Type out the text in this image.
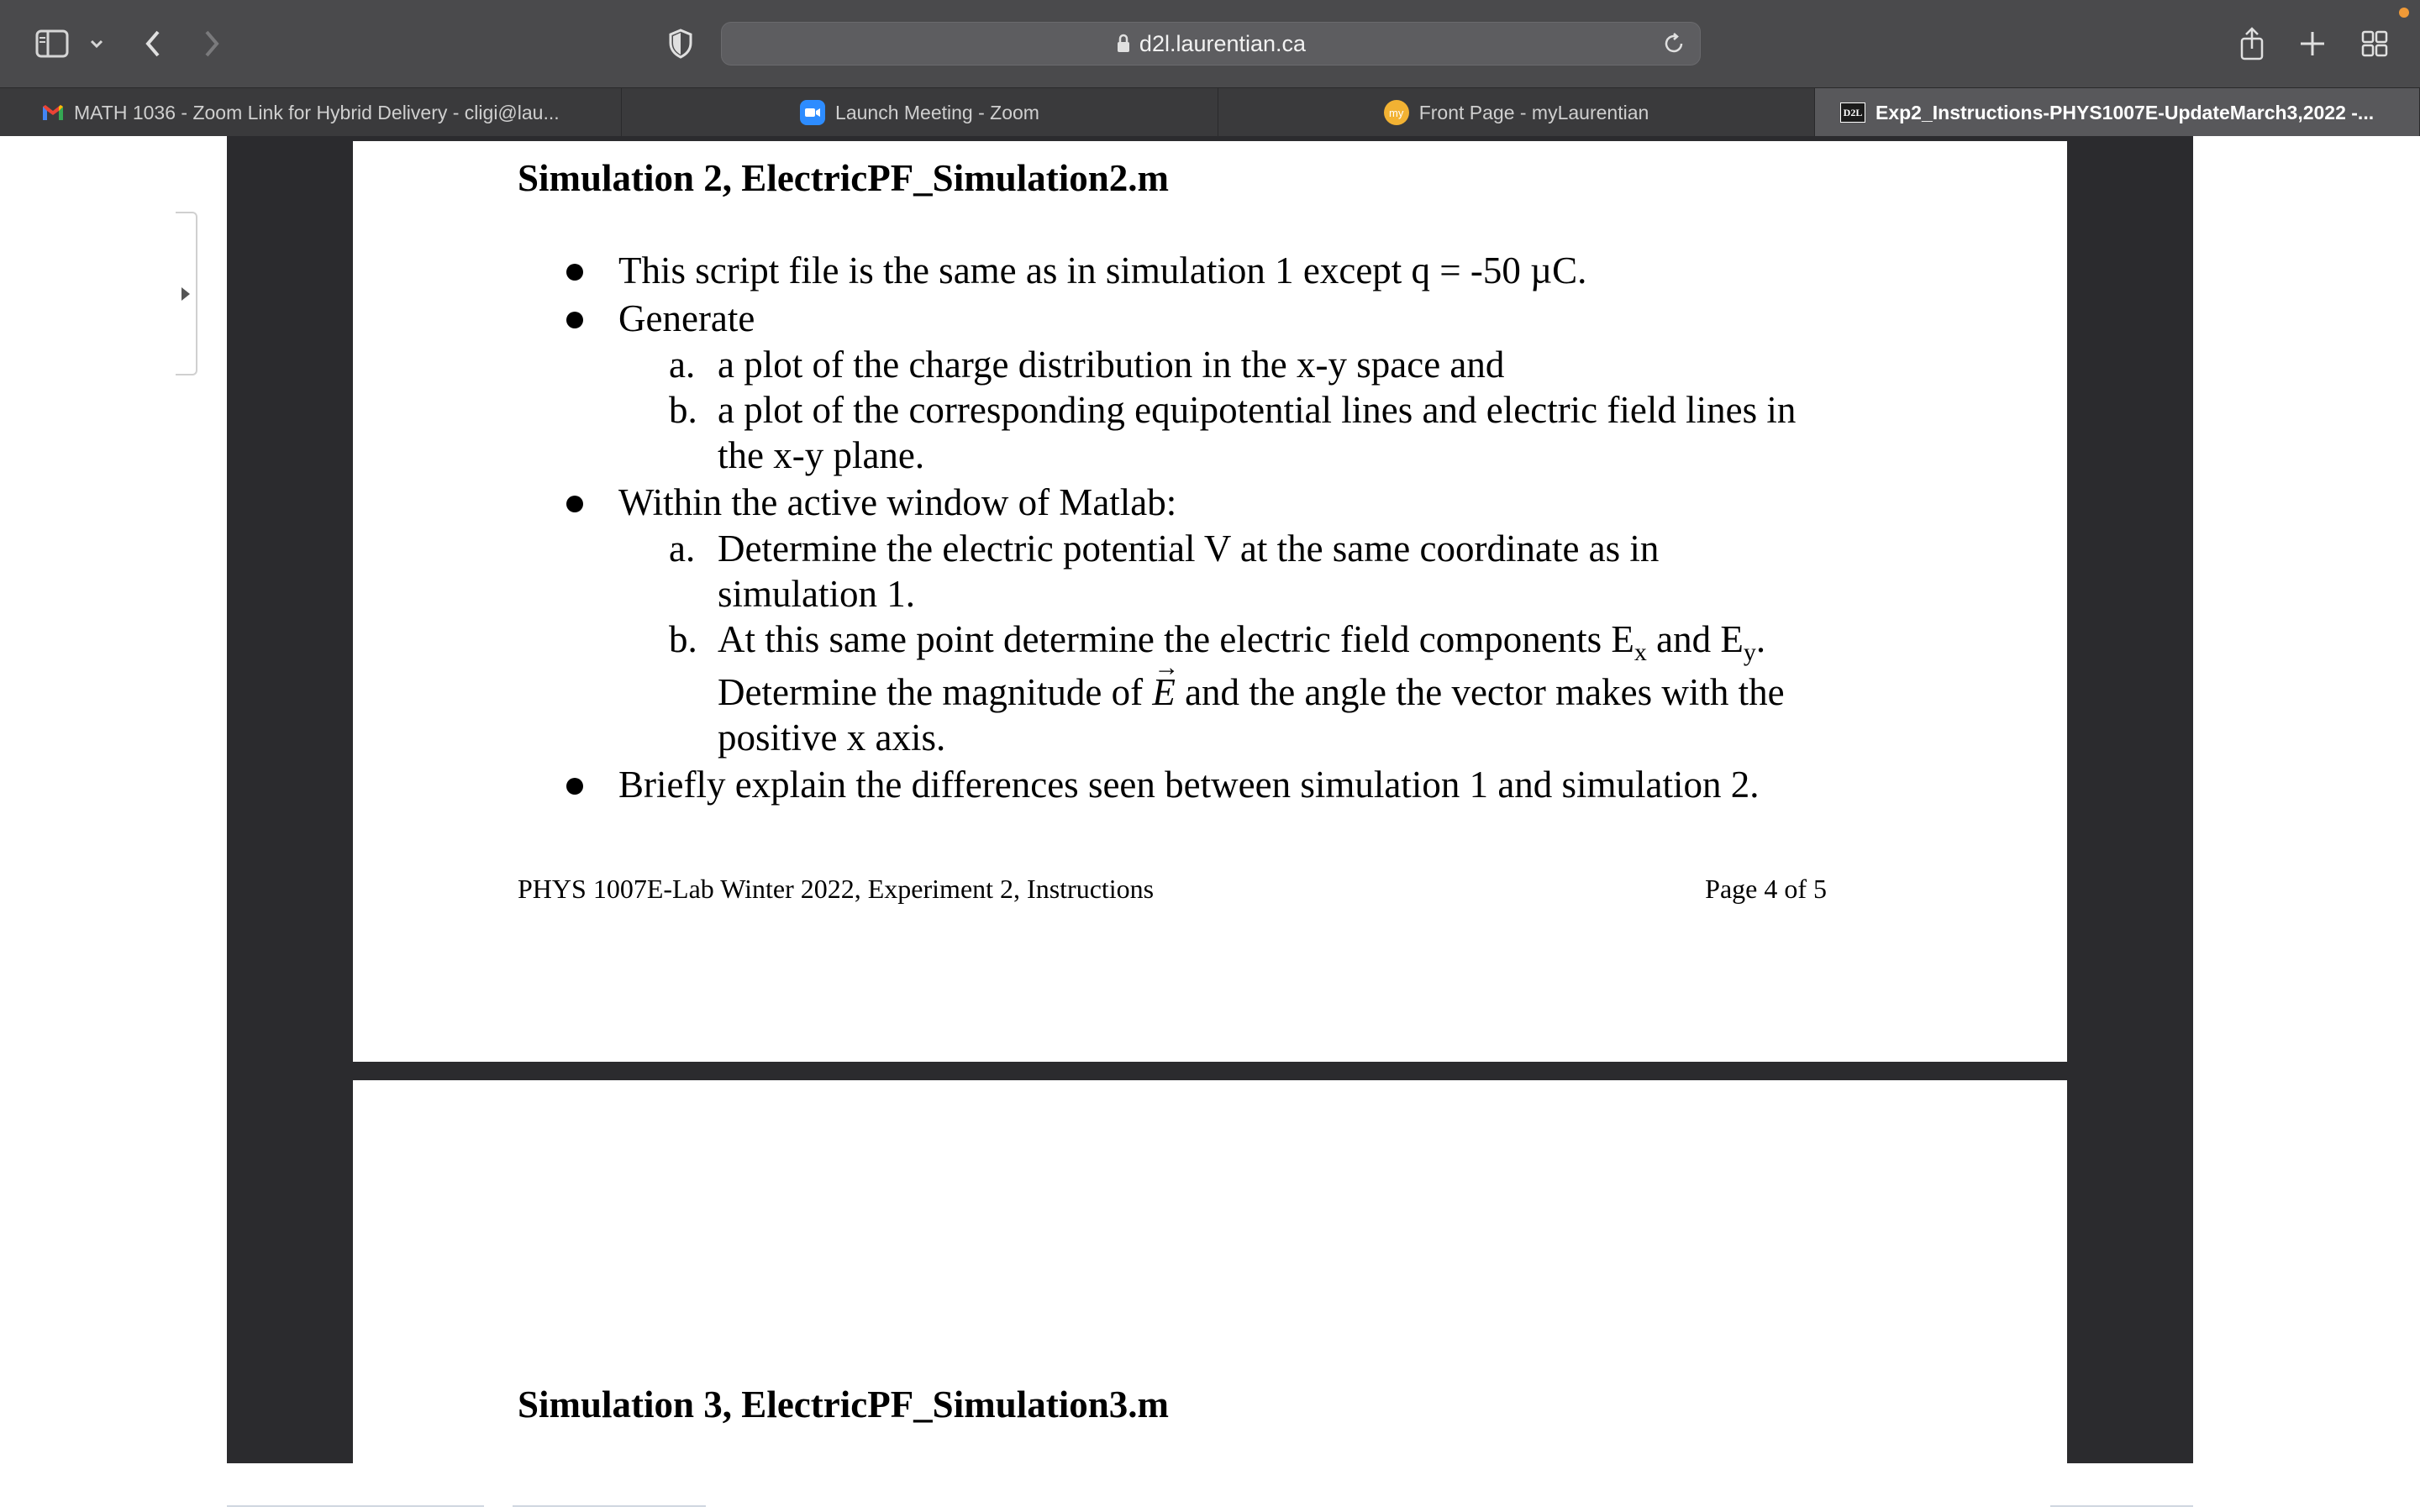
d2l.laurentian.ca
MATH 1036 - Zoom Link for Hybrid Delivery - cligi@lau...	Launch Meeting - Zoom	my Front Page - myLaurentian	D2L Exp2_Instructions-PHYS1007E-UpdateMarch3,2022 -...
Simulation 2, ElectricPF_Simulation2.m
This script file is the same as in simulation 1 except q = -50 µC.
Generate
a. a plot of the charge distribution in the x-y space and
b. a plot of the corresponding equipotential lines and electric field lines in
the x-y plane.
Within the active window of Matlab:
a. Determine the electric potential V at the same coordinate as in
simulation 1.
b. At this same point determine the electric field components $E_x$ and $E_y$.
Determine the magnitude of → E and the angle the vector makes with the
positive x axis.
Briefly explain the differences seen between simulation 1 and simulation 2.
PHYS 1007E-Lab Winter 2022, Experiment 2, Instructions	Page 4 of 5
Simulation 3, ElectricPF_Simulation3.m
